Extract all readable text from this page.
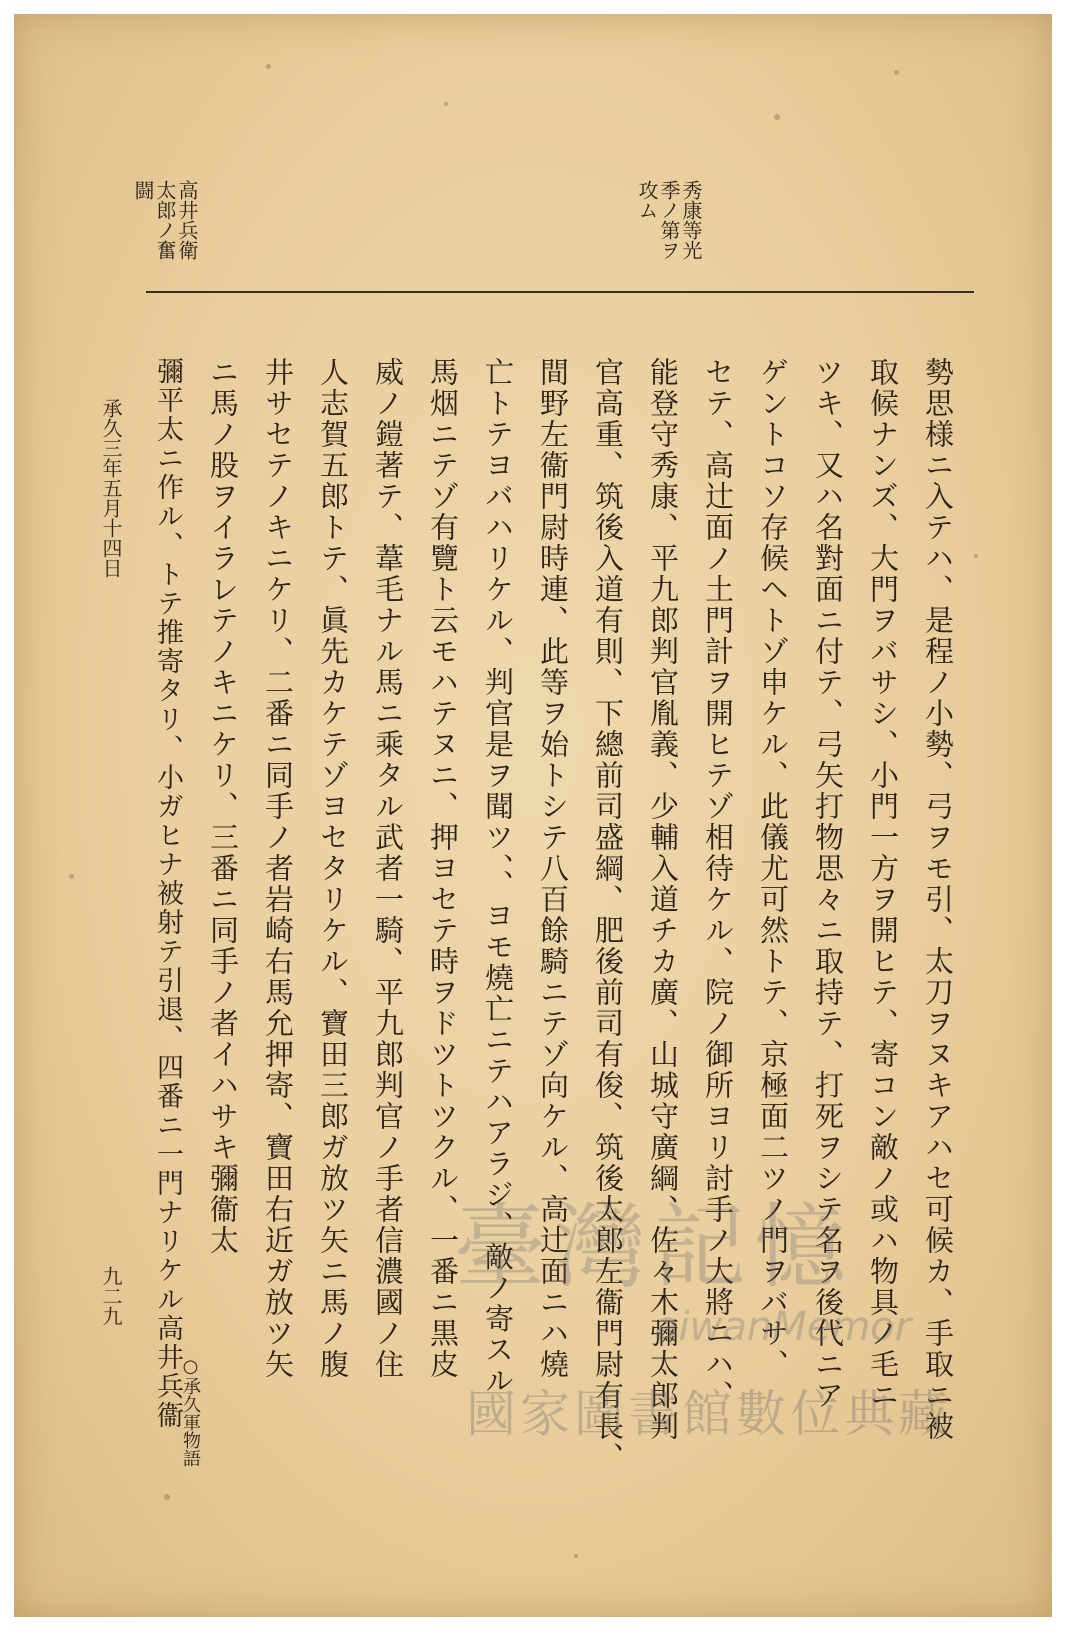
秀康等光
季ノ第ヲ
攻ム
高井兵衛
太郎ノ奮
闘
勢思様ニ入テハ、是程ノ小勢、弓ヲモ引、太刀ヲヌキアハセ可候カ、手取ニ被
取候ナンズ、大門ヲバサシ、小門一方ヲ開ヒテ、寄コン敵ノ或ハ物具ノ毛ニ
ツキ、又ハ名對面ニ付テ、弓矢打物思々ニ取持テ、打死ヲシテ名ヲ後代ニア
ゲントコソ存候ヘトゾ申ケル、此儀尤可然トテ、京極面二ツノ門ヲバサ、
セテ、高辻面ノ土門計ヲ開ヒテゾ相待ケル、院ノ御所ヨリ討手ノ大將ニハ、
能登守秀康、平九郎判官胤義、少輔入道チカ廣、山城守廣綱、佐々木彌太郎判
官高重、筑後入道有則、下總前司盛綱、肥後前司有俊、筑後太郎左衞門尉有長、
間野左衞門尉時連、此等ヲ始トシテ八百餘騎ニテゾ向ケル、高辻面ニハ燒
亡トテヨバハリケル、判官是ヲ聞ツ、、ヨモ燒亡ニテハアラジ、敵ノ寄スル
馬烟ニテゾ有覽ト云モハテヌニ、押ヨセテ時ヲドツトツクル、一番ニ黒皮
威ノ鎧著テ、葦毛ナル馬ニ乘タル武者一騎、平九郎判官ノ手者信濃國ノ住
人志賀五郎トテ、眞先カケテゾヨセタリケル、寶田三郎ガ放ツ矢ニ馬ノ腹
井サセテノキニケリ、二番ニ同手ノ者岩崎右馬允押寄、寶田右近ガ放ツ矢
ニ馬ノ股ヲイラレテノキニケリ、三番ニ同手ノ者イハサキ彌衞太
彌平太ニ作ル、トテ推寄タリ、小ガヒナ被射テ引退、四番ニ一門ナリケル高井兵衞
○承久軍物語
承久三年五月十四日
九二九	臺灣記憶
aiwanMemor
國家圖書館數位典藏
